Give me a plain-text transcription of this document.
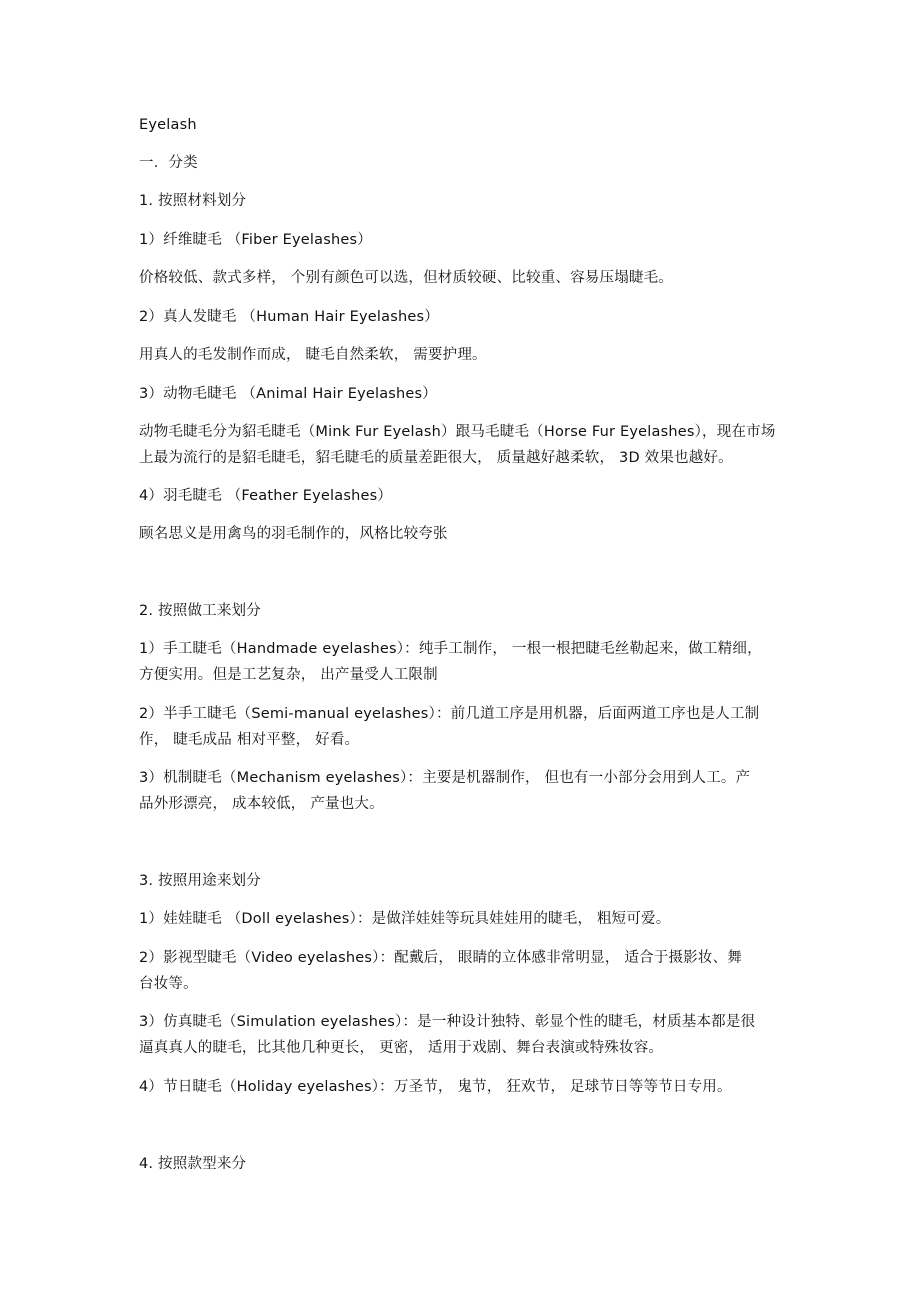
Eyelash
一．分类
1. 按照材料划分
1）纤维睫毛 （Fiber Eyelashes）
价格较低、款式多样， 个别有颜色可以选，但材质较硬、比较重、容易压塌睫毛。
2）真人发睫毛 （Human Hair Eyelashes）
用真人的毛发制作而成， 睫毛自然柔软， 需要护理。
3）动物毛睫毛 （Animal Hair Eyelashes）
动物毛睫毛分为貂毛睫毛（Mink Fur Eyelash）跟马毛睫毛（Horse Fur Eyelashes），现在市场
上最为流行的是貂毛睫毛，貂毛睫毛的质量差距很大， 质量越好越柔软， 3D 效果也越好。
4）羽毛睫毛 （Feather Eyelashes）
顾名思义是用禽鸟的羽毛制作的，风格比较夸张
2. 按照做工来划分
1）手工睫毛（Handmade eyelashes）：纯手工制作， 一根一根把睫毛丝勒起来，做工精细，
方便实用。但是工艺复杂， 出产量受人工限制
2）半手工睫毛（Semi-manual eyelashes）：前几道工序是用机器，后面两道工序也是人工制
作， 睫毛成品 相对平整， 好看。
3）机制睫毛（Mechanism eyelashes）：主要是机器制作， 但也有一小部分会用到人工。产
品外形漂亮， 成本较低， 产量也大。
3. 按照用途来划分
1）娃娃睫毛 （Doll eyelashes）：是做洋娃娃等玩具娃娃用的睫毛， 粗短可爱。
2）影视型睫毛（Video eyelashes）：配戴后， 眼睛的立体感非常明显， 适合于摄影妆、舞
台妆等。
3）仿真睫毛（Simulation eyelashes）：是一种设计独特、彰显个性的睫毛，材质基本都是很
逼真真人的睫毛，比其他几种更长， 更密， 适用于戏剧、舞台表演或特殊妆容。
4）节日睫毛（Holiday eyelashes）：万圣节， 鬼节， 狂欢节， 足球节日等等节日专用。
4. 按照款型来分
